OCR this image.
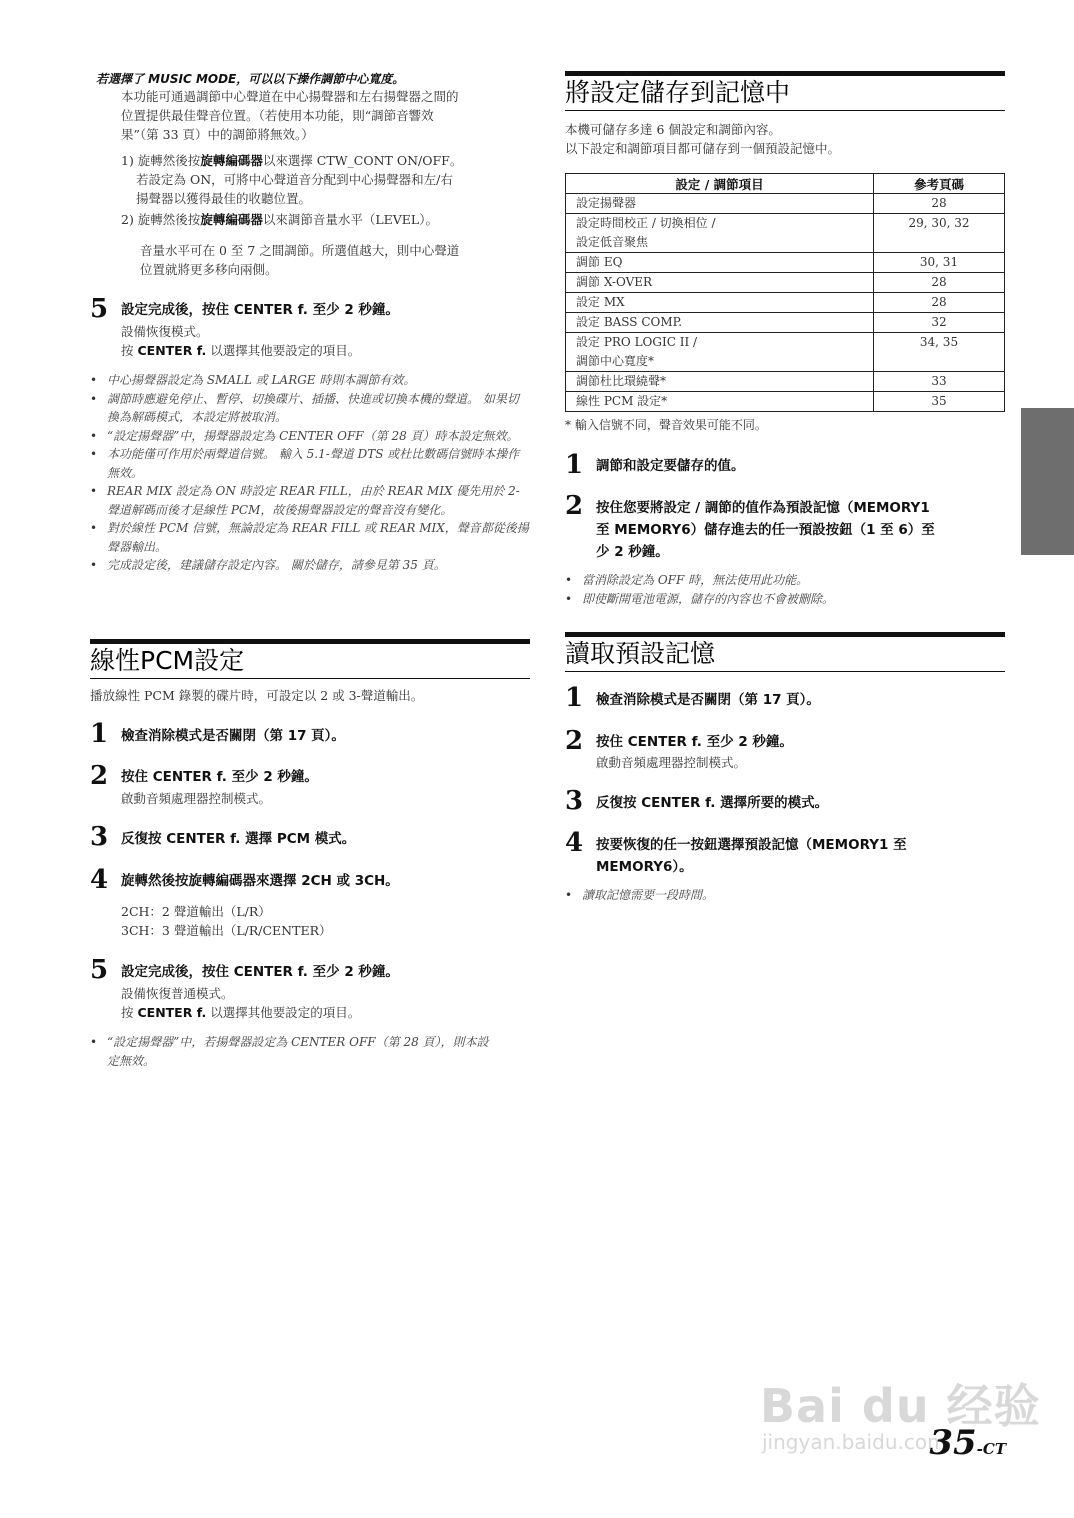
若選擇了 MUSIC MODE，可以以下操作調節中心寬度。
本功能可通過調節中心聲道在中心揚聲器和左右揚聲器之間的
位置提供最佳聲音位置。（若使用本功能，則“調節音響效
果”（第 33 頁）中的調節將無效。）
1) 旋轉然後按旋轉編碼器以來選擇 CTW_CONT ON/OFF。
若設定為 ON，可將中心聲道音分配到中心揚聲器和左/右
揚聲器以獲得最佳的收聽位置。
2) 旋轉然後按旋轉編碼器以來調節音量水平（LEVEL）。
音量水平可在 0 至 7 之間調節。所選值越大，則中心聲道
位置就將更多移向兩側。
5 設定完成後，按住 CENTER f. 至少 2 秒鐘。
設備恢復模式。
按 CENTER f. 以選擇其他要設定的項目。
• 中心揚聲器設定為 SMALL 或 LARGE 時則本調節有效。
• 調節時應避免停止、暫停、切換碟片、插播、快進或切換本機的聲道。 如果切換為解碼模式，本設定將被取消。
• “設定揚聲器”中，揚聲器設定為 CENTER OFF（第 28 頁）時本設定無效。
• 本功能僅可作用於兩聲道信號。 輸入 5.1-聲道 DTS 或杜比數碼信號時本操作無效。
• REAR MIX 設定為 ON 時設定 REAR FILL，由於 REAR MIX 優先用於 2-聲道解碼而後才是線性 PCM，故後揚聲器設定的聲音沒有變化。
• 對於線性 PCM 信號，無論設定為 REAR FILL 或 REAR MIX，聲音都從後揚聲器輸出。
• 完成設定後，建議儲存設定內容。 關於儲存，請參見第 35 頁。
線性PCM設定
播放線性 PCM 錄製的碟片時，可設定以 2 或 3-聲道輸出。
1 檢查消除模式是否關閉（第 17 頁）。
2 按住 CENTER f. 至少 2 秒鐘。
啟動音頻處理器控制模式。
3 反復按 CENTER f. 選擇 PCM 模式。
4 旋轉然後按旋轉編碼器來選擇 2CH 或 3CH。
2CH：2 聲道輸出（L/R）
3CH：3 聲道輸出（L/R/CENTER）
5 設定完成後，按住 CENTER f. 至少 2 秒鐘。
設備恢復普通模式。
按 CENTER f. 以選擇其他要設定的項目。
• “設定揚聲器”中，若揚聲器設定為 CENTER OFF（第 28 頁），則本設定無效。
將設定儲存到記憶中
本機可儲存多達 6 個設定和調節內容。
以下設定和調節項目都可儲存到一個預設記憶中。
設定 / 調節項目	參考頁碼
設定揚聲器	28
設定時間校正 / 切換相位 /
設定低音聚焦	29, 30, 32
調節 EQ	30, 31
調節 X-OVER	28
設定 MX	28
設定 BASS COMP.	32
設定 PRO LOGIC II /
調節中心寬度*	34, 35
調節杜比環繞聲*	33
線性 PCM 設定*	35
* 輸入信號不同，聲音效果可能不同。
1 調節和設定要儲存的值。
2 按住您要將設定 / 調節的值作為預設記憶（MEMORY1
至 MEMORY6）儲存進去的任一預設按鈕（1 至 6）至
少 2 秒鐘。
• 當消除設定為 OFF 時，無法使用此功能。
• 即使斷開電池電源，儲存的內容也不會被刪除。
讀取預設記憶
1 檢查消除模式是否關閉（第 17 頁）。
2 按住 CENTER f. 至少 2 秒鐘。
啟動音頻處理器控制模式。
3 反復按 CENTER f. 選擇所要的模式。
4 按要恢復的任一按鈕選擇預設記憶（MEMORY1 至
MEMORY6）。
• 讀取記憶需要一段時間。
Bai du 经验
jingyan.baidu.com
35-CT
